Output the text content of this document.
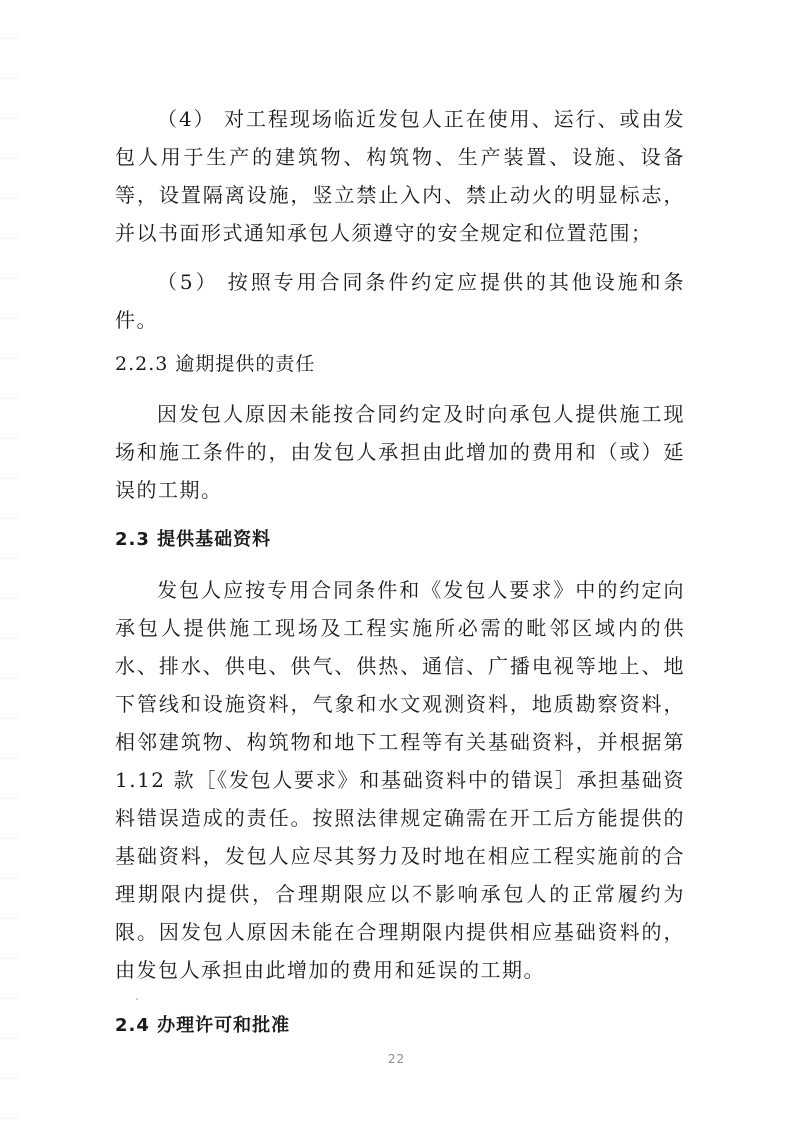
（4） 对工程现场临近发包人正在使用、运行、或由发包人用于生产的建筑物、构筑物、生产装置、设施、设备等，设置隔离设施，竖立禁止入内、禁止动火的明显标志， 并以书面形式通知承包人须遵守的安全规定和位置范围；

（5） 按照专用合同条件约定应提供的其他设施和条件。

2.2.3 逾期提供的责任

因发包人原因未能按合同约定及时向承包人提供施工现场和施工条件的，由发包人承担由此增加的费用和（或）延误的工期。

2.3 提供基础资料

发包人应按专用合同条件和《发包人要求》中的约定向承包人提供施工现场及工程实施所必需的毗邻区域内的供水、排水、供电、供气、供热、通信、广播电视等地上、地下管线和设施资料，气象和水文观测资料，地质勘察资料，相邻建筑物、构筑物和地下工程等有关基础资料，并根据第 1.12 款［《发包人要求》和基础资料中的错误］承担基础资料错误造成的责任。按照法律规定确需在开工后方能提供的基础资料，发包人应尽其努力及时地在相应工程实施前的合理期限内提供，合理期限应以不影响承包人的正常履约为限。因发包人原因未能在合理期限内提供相应基础资料的，由发包人承担由此增加的费用和延误的工期。

2.4 办理许可和批准

22
